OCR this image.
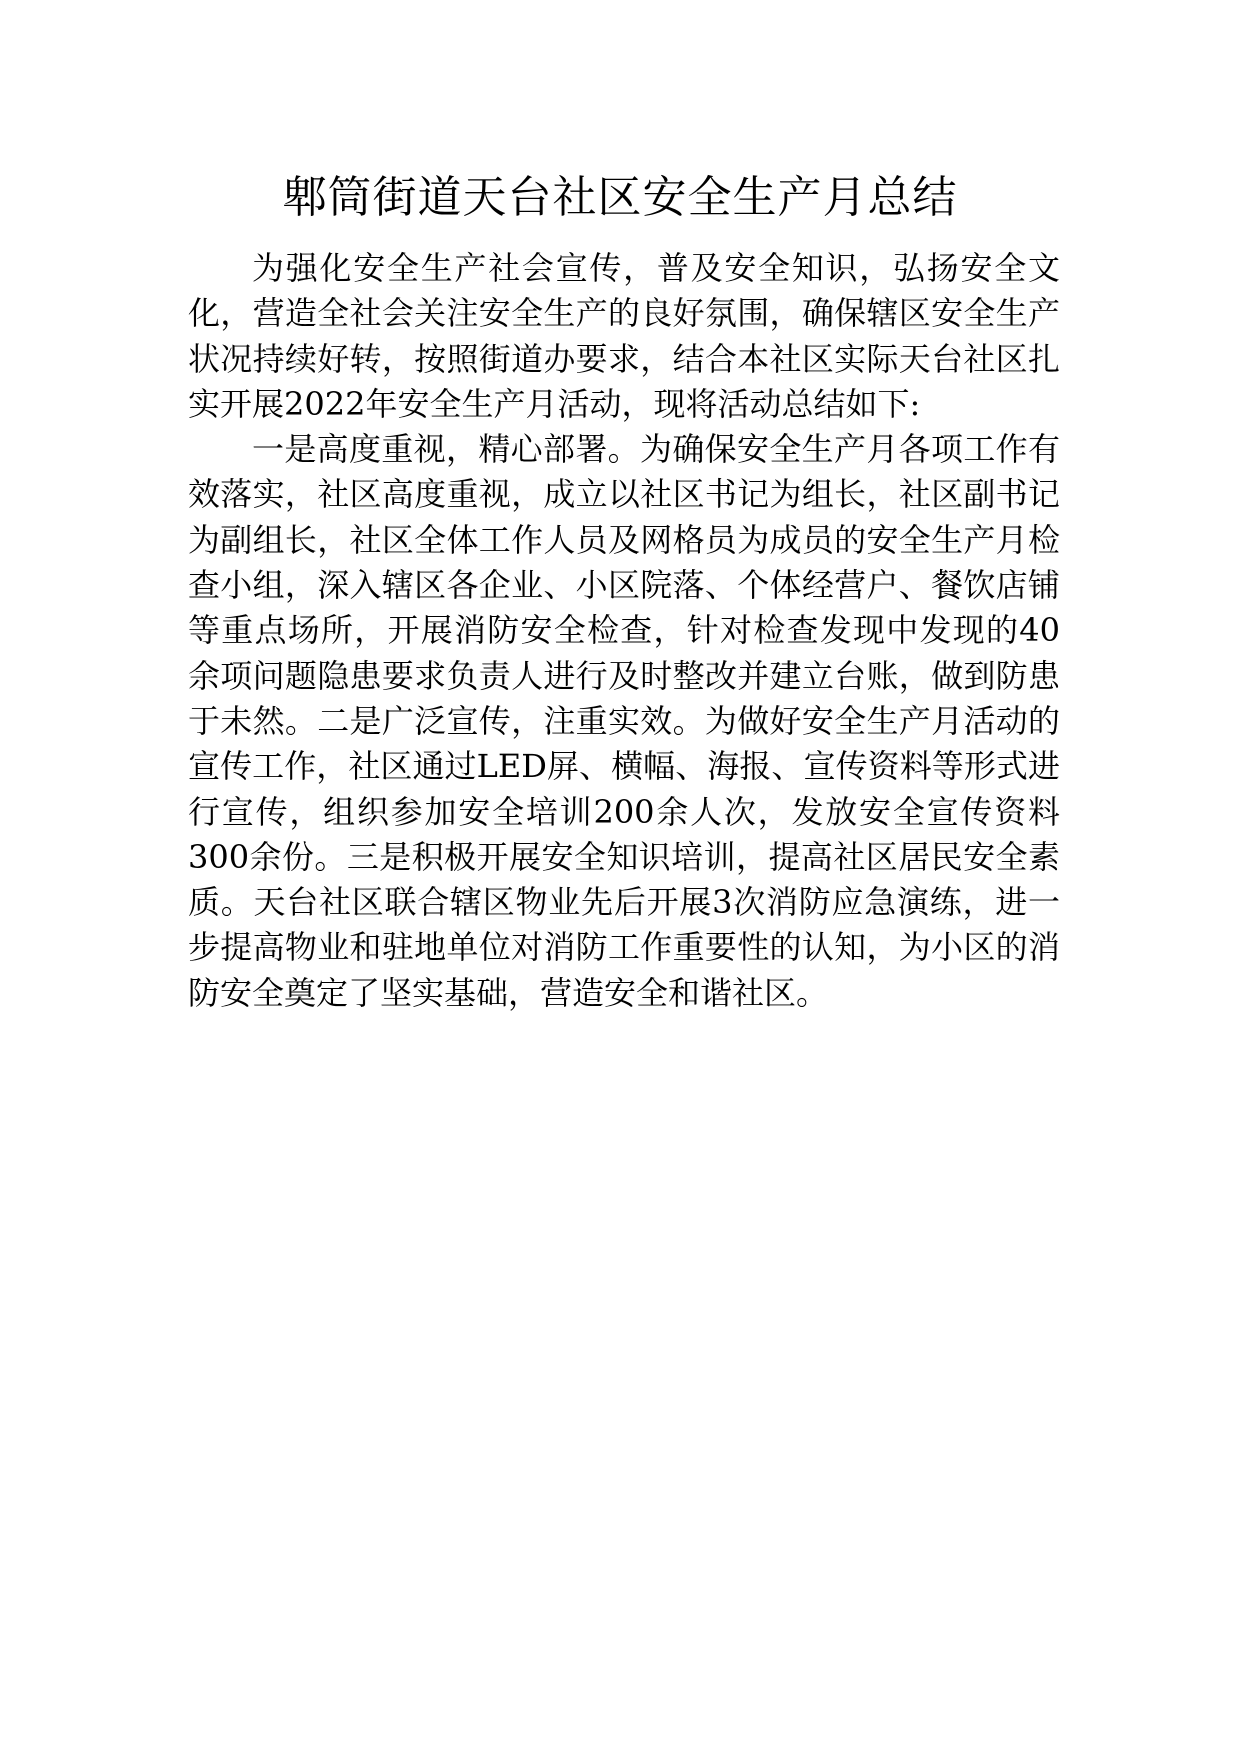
郫筒街道天台社区安全生产月总结

为强化安全生产社会宣传，普及安全知识，弘扬安全文化，营造全社会关注安全生产的良好氛围，确保辖区安全生产状况持续好转，按照街道办要求，结合本社区实际天台社区扎实开展2022年安全生产月活动，现将活动总结如下:

一是高度重视，精心部署。为确保安全生产月各项工作有效落实，社区高度重视，成立以社区书记为组长，社区副书记为副组长，社区全体工作人员及网格员为成员的安全生产月检查小组，深入辖区各企业、小区院落、个体经营户、餐饮店铺等重点场所，开展消防安全检查，针对检查发现中发现的40余项问题隐患要求负责人进行及时整改并建立台账，做到防患于未然。二是广泛宣传，注重实效。为做好安全生产月活动的宣传工作，社区通过LED屏、横幅、海报、宣传资料等形式进行宣传，组织参加安全培训200余人次，发放安全宣传资料300余份。三是积极开展安全知识培训，提高社区居民安全素质。天台社区联合辖区物业先后开展3次消防应急演练，进一步提高物业和驻地单位对消防工作重要性的认知，为小区的消防安全奠定了坚实基础，营造安全和谐社区。
